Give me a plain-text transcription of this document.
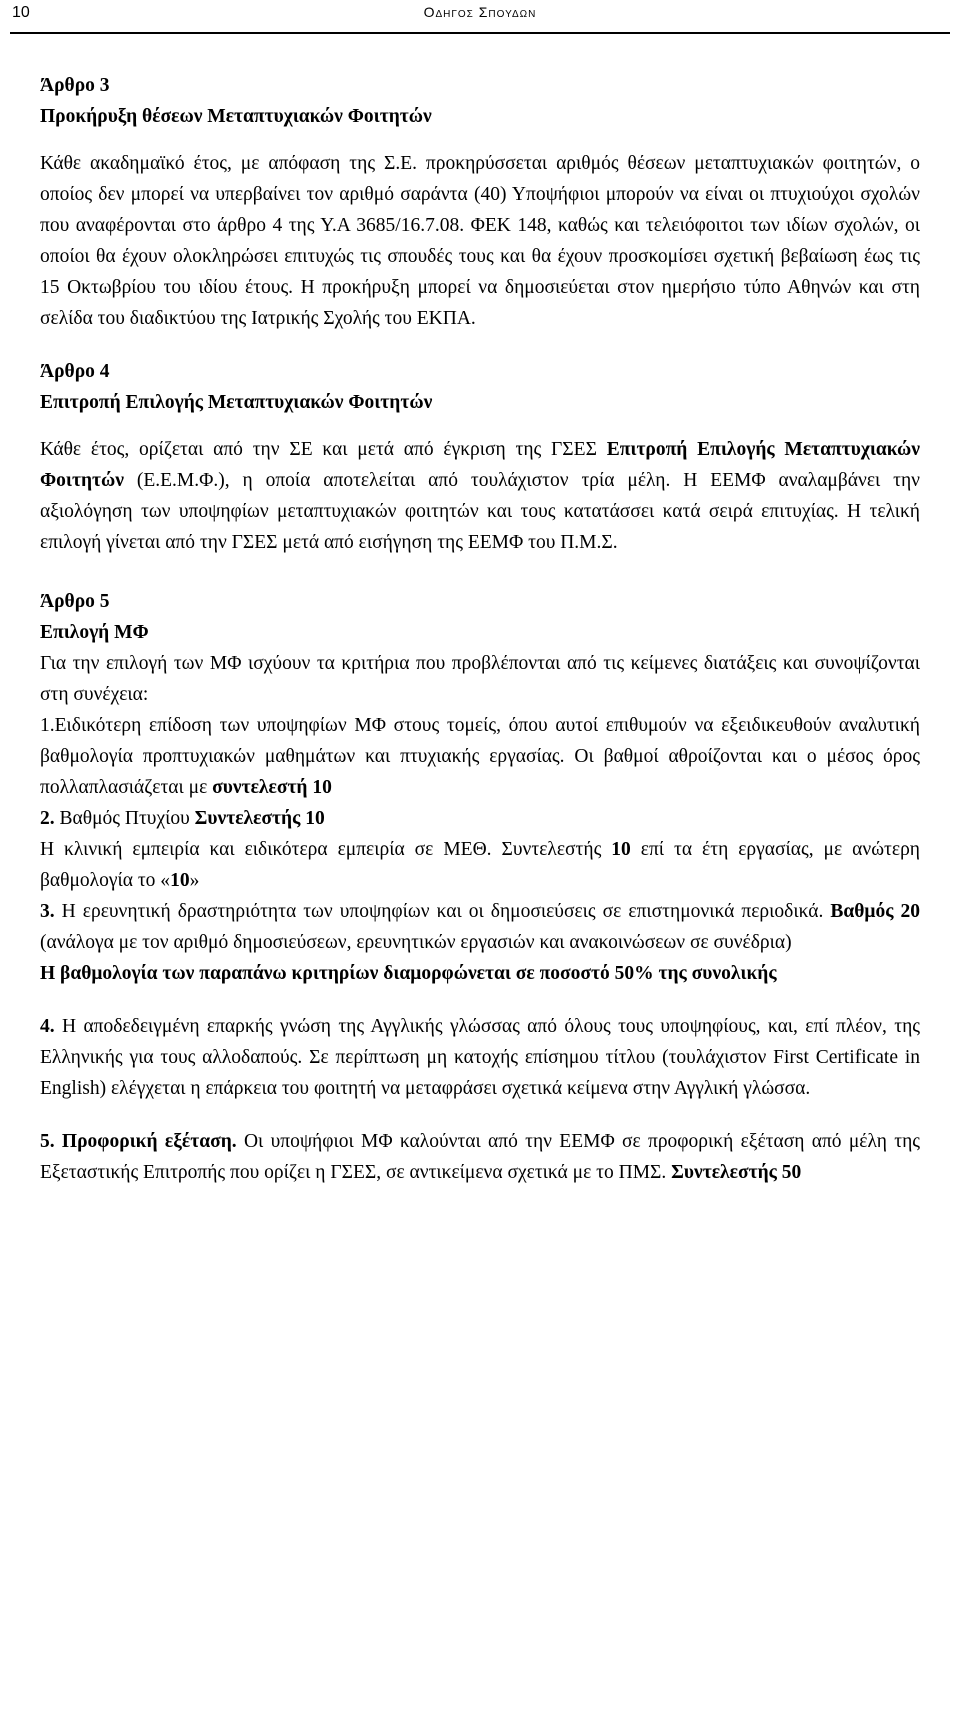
10	Οδηγος Σπουδων

Άρθρο 3

Προκήρυξη θέσεων Μεταπτυχιακών Φοιτητών

Κάθε ακαδημαϊκό έτος, με απόφαση της Σ.Ε. προκηρύσσεται αριθμός θέσεων μεταπτυχιακών φοιτητών, ο οποίος δεν μπορεί να υπερβαίνει τον αριθμό σαράντα (40) Υποψήφιοι μπορούν να είναι οι πτυχιούχοι σχολών που αναφέρονται στο άρθρο 4 της Υ.Α 3685/16.7.08. ΦΕΚ 148, καθώς και τελειόφοιτοι των ιδίων σχολών, οι οποίοι θα έχουν ολοκληρώσει επιτυχώς τις σπουδές τους και θα έχουν προσκομίσει σχετική βεβαίωση έως τις 15 Οκτωβρίου του ιδίου έτους. Η προκήρυξη μπορεί να δημοσιεύεται στον ημερήσιο τύπο Αθηνών και στη σελίδα του διαδικτύου της Ιατρικής Σχολής του ΕΚΠΑ.

Άρθρο 4

Επιτροπή Επιλογής Μεταπτυχιακών Φοιτητών

Κάθε έτος, ορίζεται από την ΣΕ και μετά από έγκριση της ΓΣΕΣ Επιτροπή Επιλογής Μεταπτυχιακών Φοιτητών (Ε.Ε.Μ.Φ.), η οποία αποτελείται από τουλάχιστον τρία μέλη. Η ΕΕΜΦ αναλαμβάνει την αξιολόγηση των υποψηφίων μεταπτυχιακών φοιτητών και τους κατατάσσει κατά σειρά επιτυχίας. Η τελική επιλογή γίνεται από την ΓΣΕΣ μετά από εισήγηση της ΕΕΜΦ του Π.Μ.Σ.

Άρθρο 5

Επιλογή ΜΦ

Για την επιλογή των ΜΦ ισχύουν τα κριτήρια που προβλέπονται από τις κείμενες διατάξεις και συνοψίζονται στη συνέχεια:

1.Ειδικότερη επίδοση των υποψηφίων ΜΦ στους τομείς, όπου αυτοί επιθυμούν να εξειδικευθούν αναλυτική βαθμολογία προπτυχιακών μαθημάτων και πτυχιακής εργασίας. Οι βαθμοί αθροίζονται και ο μέσος όρος πολλαπλασιάζεται με συντελεστή 10

2. Βαθμός Πτυχίου Συντελεστής 10

Η κλινική εμπειρία και ειδικότερα εμπειρία σε ΜΕΘ. Συντελεστής 10 επί τα έτη εργασίας, με ανώτερη βαθμολογία το «10»

3. Η ερευνητική δραστηριότητα των υποψηφίων και οι δημοσιεύσεις σε επιστημονικά περιοδικά. Βαθμός 20 (ανάλογα με τον αριθμό δημοσιεύσεων, ερευνητικών εργασιών και ανακοινώσεων σε συνέδρια)

Η βαθμολογία των παραπάνω κριτηρίων διαμορφώνεται σε ποσοστό 50% της συνολικής

4. Η αποδεδειγμένη επαρκής γνώση της Αγγλικής γλώσσας από όλους τους υποψηφίους, και, επί πλέον, της Ελληνικής για τους αλλοδαπούς. Σε περίπτωση μη κατοχής επίσημου τίτλου (τουλάχιστον First Certificate in English) ελέγχεται η επάρκεια του φοιτητή να μεταφράσει σχετικά κείμενα στην Αγγλική γλώσσα.

5. Προφορική εξέταση. Οι υποψήφιοι ΜΦ καλούνται από την ΕΕΜΦ σε προφορική εξέταση από μέλη της Εξεταστικής Επιτροπής που ορίζει η ΓΣΕΣ, σε αντικείμενα σχετικά με το ΠΜΣ. Συντελεστής 50
